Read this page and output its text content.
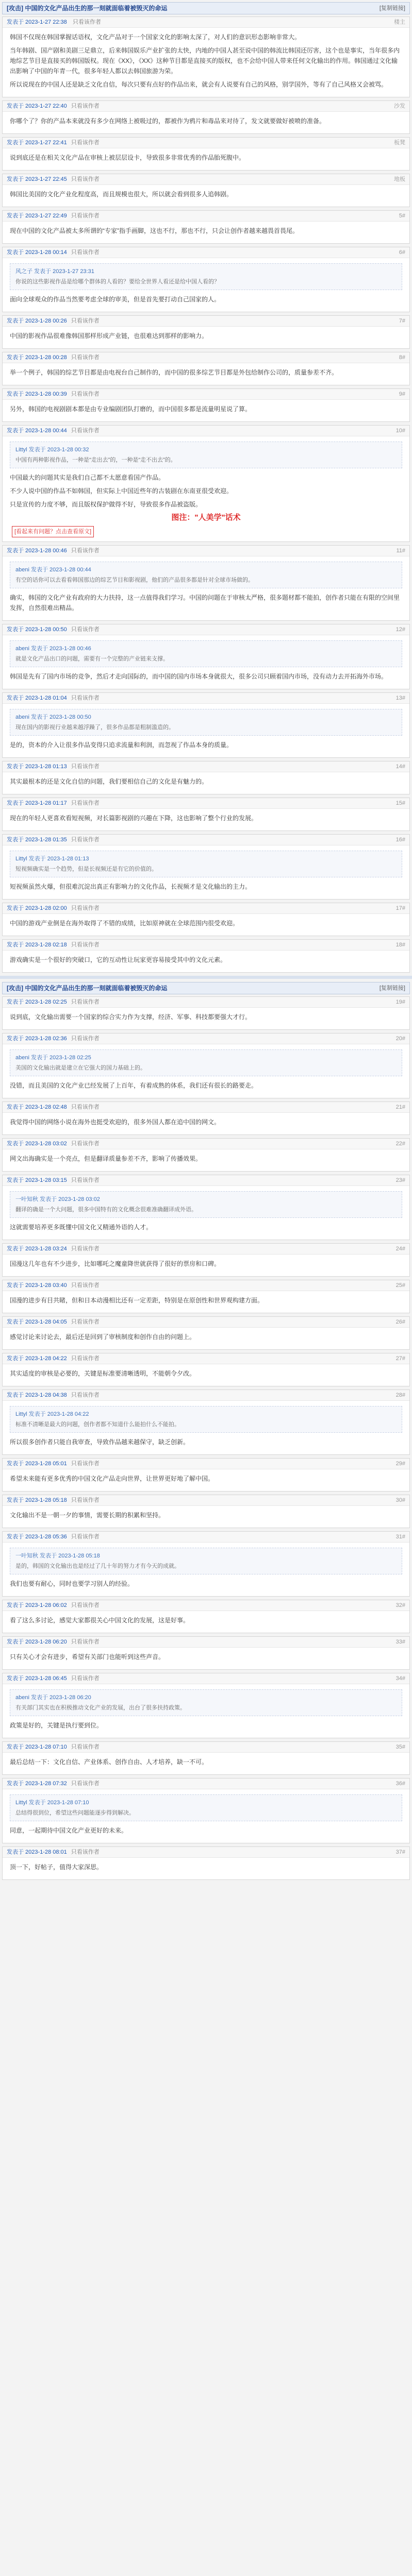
[攻击] 中国的文化产品出生的那一刻就面临着被毁灭的命运	[复制链接]
发表于 2023-1-27 22:38 只看该作者	楼主

韩国不仅现在韩国掌握话语权，文化产品对于一个国家文化的影响太深了，对人们的意识形态影响非常大。

当年韩剧、国产剧和美剧三足鼎立，后来韩国娱乐产业扩张的太快，内地的中国人甚至说中国的韩流比韩国还厉害，这个也是事实，当年很多内地综艺节目是直接买的韩国版权。现在《XX》，《XX》这种节目都是直接买的版权，也不会给中国人带来任何文化输出的作用。韩国通过文化输出影响了中国的年青一代，很多年轻人都以去韩国旅游为荣。

所以说现在的中国人还是缺乏文化自信，每次只要有点好的作品出来，就会有人说要有自己的风格，别学国外，等有了自己风格又会被骂。

发表于 2023-1-27 22:40 只看该作者	沙发

你哪个了？你的产品本来就没有多少在网络上被吸过的，都被作为鸦片和毒品来对待了，发文就要做好被喷的准备。

发表于 2023-1-27 22:41 只看该作者	板凳

说到底还是在相关文化产品在审核上被层层设卡，导致很多非常优秀的作品胎死腹中。

发表于 2023-1-27 22:45 只看该作者	地板

韩国比美国的文化产业化程度高，而且规模也很大，所以就会看到很多人追韩剧。

发表于 2023-1-27 22:49 只看该作者	5#

现在中国的文化产品被太多所谓的“专家”指手画脚，这也不行，那也不行，只会让创作者越来越畏首畏尾。

发表于 2023-1-28 00:14 只看该作者	6#
风之子 发表于 2023-1-27 23:31
你说的这些影视作品是给哪个群体的人看的？要给全世界人看还是给中国人看的？

面向全球观众的作品当然要考虑全球的审美，但是首先要打动自己国家的人。

发表于 2023-1-28 00:26 只看该作者	7#

中国的影视作品很难像韩国那样形成产业链，也很难达到那样的影响力。

发表于 2023-1-28 00:28 只看该作者	8#

举一个例子，韩国的综艺节目都是由电视台自己制作的，而中国的很多综艺节目都是外包给制作公司的，质量参差不齐。

发表于 2023-1-28 00:39 只看该作者	9#

另外，韩国的电视剧剧本都是由专业编剧团队打磨的，而中国很多都是流量明星说了算。

发表于 2023-1-28 00:44 只看该作者	10#
Littyl 发表于 2023-1-28 00:32
中国有两种影视作品，一种是“走出去”的，一种是“走不出去”的。

中国最大的问题其实是我们自己都不太愿意看国产作品。

不少人说中国的作品不如韩国，但实际上中国近些年的古装剧在东南亚很受欢迎。

只是宣传的力度不够，而且版权保护做得不好，导致很多作品被盗版。

图注："人美学"话术
[看起来有问题？点击查看原文]
发表于 2023-1-28 00:46 只看该作者	11#
abeni 发表于 2023-1-28 00:44
有空的话你可以去看看韩国那边的综艺节目和影视剧，他们的产品很多都是针对全球市场做的。

确实，韩国的文化产业有政府的大力扶持，这一点值得我们学习。中国的问题在于审核太严格，很多题材都不能拍，创作者只能在有限的空间里发挥，自然很难出精品。

发表于 2023-1-28 00:50 只看该作者	12#
abeni 发表于 2023-1-28 00:46
就是文化产品出口的问题，需要有一个完整的产业链来支撑。

韩国是先有了国内市场的竞争，然后才走向国际的，而中国的国内市场本身就很大，很多公司只顾着国内市场，没有动力去开拓海外市场。

发表于 2023-1-28 01:04 只看该作者	13#
abeni 发表于 2023-1-28 00:50
现在国内的影视行业越来越浮躁了，很多作品都是粗制滥造的。

是的，资本的介入让很多作品变得只追求流量和利润，而忽视了作品本身的质量。

发表于 2023-1-28 01:13 只看该作者	14#

其实最根本的还是文化自信的问题，我们要相信自己的文化是有魅力的。

发表于 2023-1-28 01:17 只看该作者	15#

现在的年轻人更喜欢看短视频，对长篇影视剧的兴趣在下降，这也影响了整个行业的发展。

发表于 2023-1-28 01:35 只看该作者	16#
Littyl 发表于 2023-1-28 01:13
短视频确实是一个趋势，但是长视频还是有它的价值的。

短视频虽然火爆，但很难沉淀出真正有影响力的文化作品，长视频才是文化输出的主力。

发表于 2023-1-28 02:00 只看该作者	17#

中国的游戏产业倒是在海外取得了不错的成绩，比如原神就在全球范围内很受欢迎。

发表于 2023-1-28 02:18 只看该作者	18#

游戏确实是一个很好的突破口，它的互动性让玩家更容易接受其中的文化元素。

[攻击] 中国的文化产品出生的那一刻就面临着被毁灭的命运	[复制链接]
发表于 2023-1-28 02:25 只看该作者	19#

说到底，文化输出需要一个国家的综合实力作为支撑，经济、军事、科技都要强大才行。

发表于 2023-1-28 02:36 只看该作者	20#
abeni 发表于 2023-1-28 02:25
美国的文化输出就是建立在它强大的国力基础上的。

没错，而且美国的文化产业已经发展了上百年，有着成熟的体系，我们还有很长的路要走。

发表于 2023-1-28 02:48 只看该作者	21#

我觉得中国的网络小说在海外也挺受欢迎的，很多外国人都在追中国的网文。

发表于 2023-1-28 03:02 只看该作者	22#

网文出海确实是一个亮点，但是翻译质量参差不齐，影响了传播效果。

发表于 2023-1-28 03:15 只看该作者	23#
一叶知秋 发表于 2023-1-28 03:02
翻译的确是一个大问题，很多中国特有的文化概念很难准确翻译成外语。

这就需要培养更多既懂中国文化又精通外语的人才。

发表于 2023-1-28 03:24 只看该作者	24#

国漫这几年也有不少进步，比如哪吒之魔童降世就获得了很好的票房和口碑。

发表于 2023-1-28 03:40 只看该作者	25#

国漫的进步有目共睹，但和日本动漫相比还有一定差距，特别是在原创性和世界观构建方面。

发表于 2023-1-28 04:05 只看该作者	26#

感觉讨论来讨论去，最后还是回到了审核制度和创作自由的问题上。

发表于 2023-1-28 04:22 只看该作者	27#

其实适度的审核是必要的，关键是标准要清晰透明，不能朝令夕改。

发表于 2023-1-28 04:38 只看该作者	28#
Littyl 发表于 2023-1-28 04:22
标准不清晰是最大的问题，创作者都不知道什么能拍什么不能拍。

所以很多创作者只能自我审查，导致作品越来越保守，缺乏创新。

发表于 2023-1-28 05:01 只看该作者	29#

希望未来能有更多优秀的中国文化产品走向世界，让世界更好地了解中国。

发表于 2023-1-28 05:18 只看该作者	30#

文化输出不是一朝一夕的事情，需要长期的积累和坚持。

发表于 2023-1-28 05:36 只看该作者	31#
一叶知秋 发表于 2023-1-28 05:18
是的，韩国的文化输出也是经过了几十年的努力才有今天的成就。

我们也要有耐心，同时也要学习别人的经验。

发表于 2023-1-28 06:02 只看该作者	32#

看了这么多讨论，感觉大家都很关心中国文化的发展，这是好事。

发表于 2023-1-28 06:20 只看该作者	33#

只有关心才会有进步，希望有关部门也能听到这些声音。

发表于 2023-1-28 06:45 只看该作者	34#
abeni 发表于 2023-1-28 06:20
有关部门其实也在积极推动文化产业的发展，出台了很多扶持政策。

政策是好的，关键是执行要到位。

发表于 2023-1-28 07:10 只看该作者	35#

最后总结一下：文化自信、产业体系、创作自由、人才培养，缺一不可。

发表于 2023-1-28 07:32 只看该作者	36#
Littyl 发表于 2023-1-28 07:10
总结得很到位，希望这些问题能逐步得到解决。

同意，一起期待中国文化产业更好的未来。

发表于 2023-1-28 08:01 只看该作者	37#

顶一下，好帖子，值得大家深思。
